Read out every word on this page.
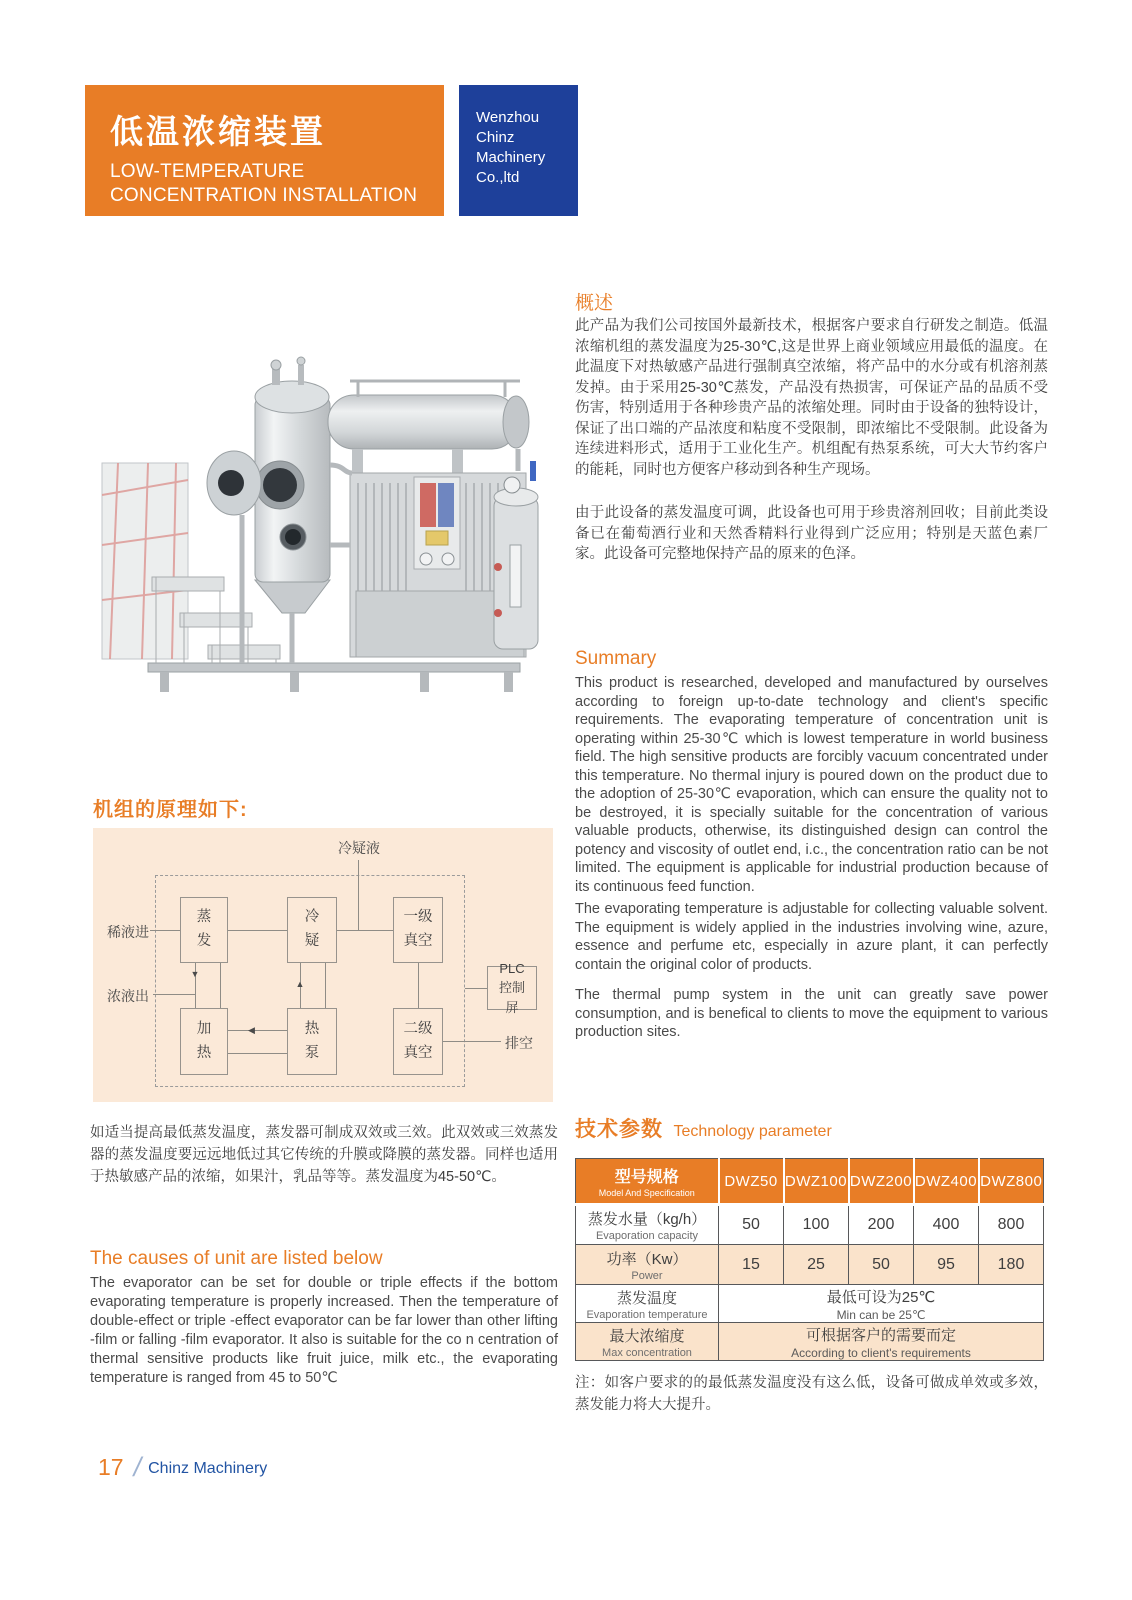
低温浓缩装置
LOW-TEMPERATURE
CONCENTRATION INSTALLATION
Wenzhou
Chinz
Machinery
Co.,ltd
概述
此产品为我们公司按国外最新技术，根据客户要求自行研发之制造。低温浓缩机组的蒸发温度为25-30℃,这是世界上商业领域应用最低的温度。在此温度下对热敏感产品进行强制真空浓缩，将产品中的水分或有机溶剂蒸发掉。由于采用25-30℃蒸发，产品没有热损害，可保证产品的品质不受伤害，特别适用于各种珍贵产品的浓缩处理。同时由于设备的独特设计，保证了出口端的产品浓度和粘度不受限制，即浓缩比不受限制。此设备为连续进料形式，适用于工业化生产。机组配有热泵系统，可大大节约客户的能耗，同时也方便客户移动到各种生产现场。
由于此设备的蒸发温度可调，此设备也可用于珍贵溶剂回收；目前此类设备已在葡萄酒行业和天然香精料行业得到广泛应用；特别是天蓝色素厂家。此设备可完整地保持产品的原来的色泽。
Summary
This product is researched, developed and manufactured by ourselves according to foreign up-to-date technology and client's specific requirements. The evaporating temperature of concentration unit is operating within 25-30℃ which is lowest temperature in world business field. The high sensitive products are forcibly vacuum concentrated under this temperature. No thermal injury is poured down on the product due to the adoption of 25-30℃ evaporation, which can ensure the quality not to be destroyed, it is specially suitable for the concentration of various valuable products, otherwise, its distinguished design can control the potency and viscosity of outlet end, i.c., the concentration ratio can be not limited. The equipment is applicable for industrial production because of its continuous feed function.
The evaporating temperature is adjustable for collecting valuable solvent. The equipment is widely applied in the industries involving wine, azure, essence and perfume etc, especially in azure plant, it can perfectly contain the original color of products.
The thermal pump system in the unit can greatly save power consumption, and is benefical to clients to move the equipment to various production sites.
机组的原理如下:
冷疑液
稀液进
浓液出
蒸发
冷疑
一级真空
加热
热泵
二级真空
PLC控制屏
排空
▼
▲
◀
如适当提高最低蒸发温度，蒸发器可制成双效或三效。此双效或三效蒸发器的蒸发温度要远远地低过其它传统的升膜或降膜的蒸发器。同样也适用于热敏感产品的浓缩，如果汁，乳品等等。蒸发温度为45-50℃。
The causes of unit are listed below
The evaporator can be set for double or triple effects if the bottom evaporating temperature is properly increased. Then the temperature of double-effect or triple -effect evaporator can be far lower than other lifting -film or falling -film evaporator. It also is suitable for the co n centration of thermal sensitive products like fruit juice, milk etc., the evaporating temperature is ranged from 45 to 50℃
技术参数 Technology parameter
型号规格
Model And Specification	DWZ50	DWZ100	DWZ200	DWZ400	DWZ800

蒸发水量（kg/h）
Evaporation capacity	50	100	200	400	800

功率（Kw）
Power	15	25	50	95	180

蒸发温度
Evaporation temperature

最低可设为25℃
Min can be 25℃

最大浓缩度
Max concentration

可根据客户的需要而定
According to client's requirements
注：如客户要求的的最低蒸发温度没有这么低，设备可做成单效或多效，蒸发能力将大大提升。
17 / Chinz Machinery
